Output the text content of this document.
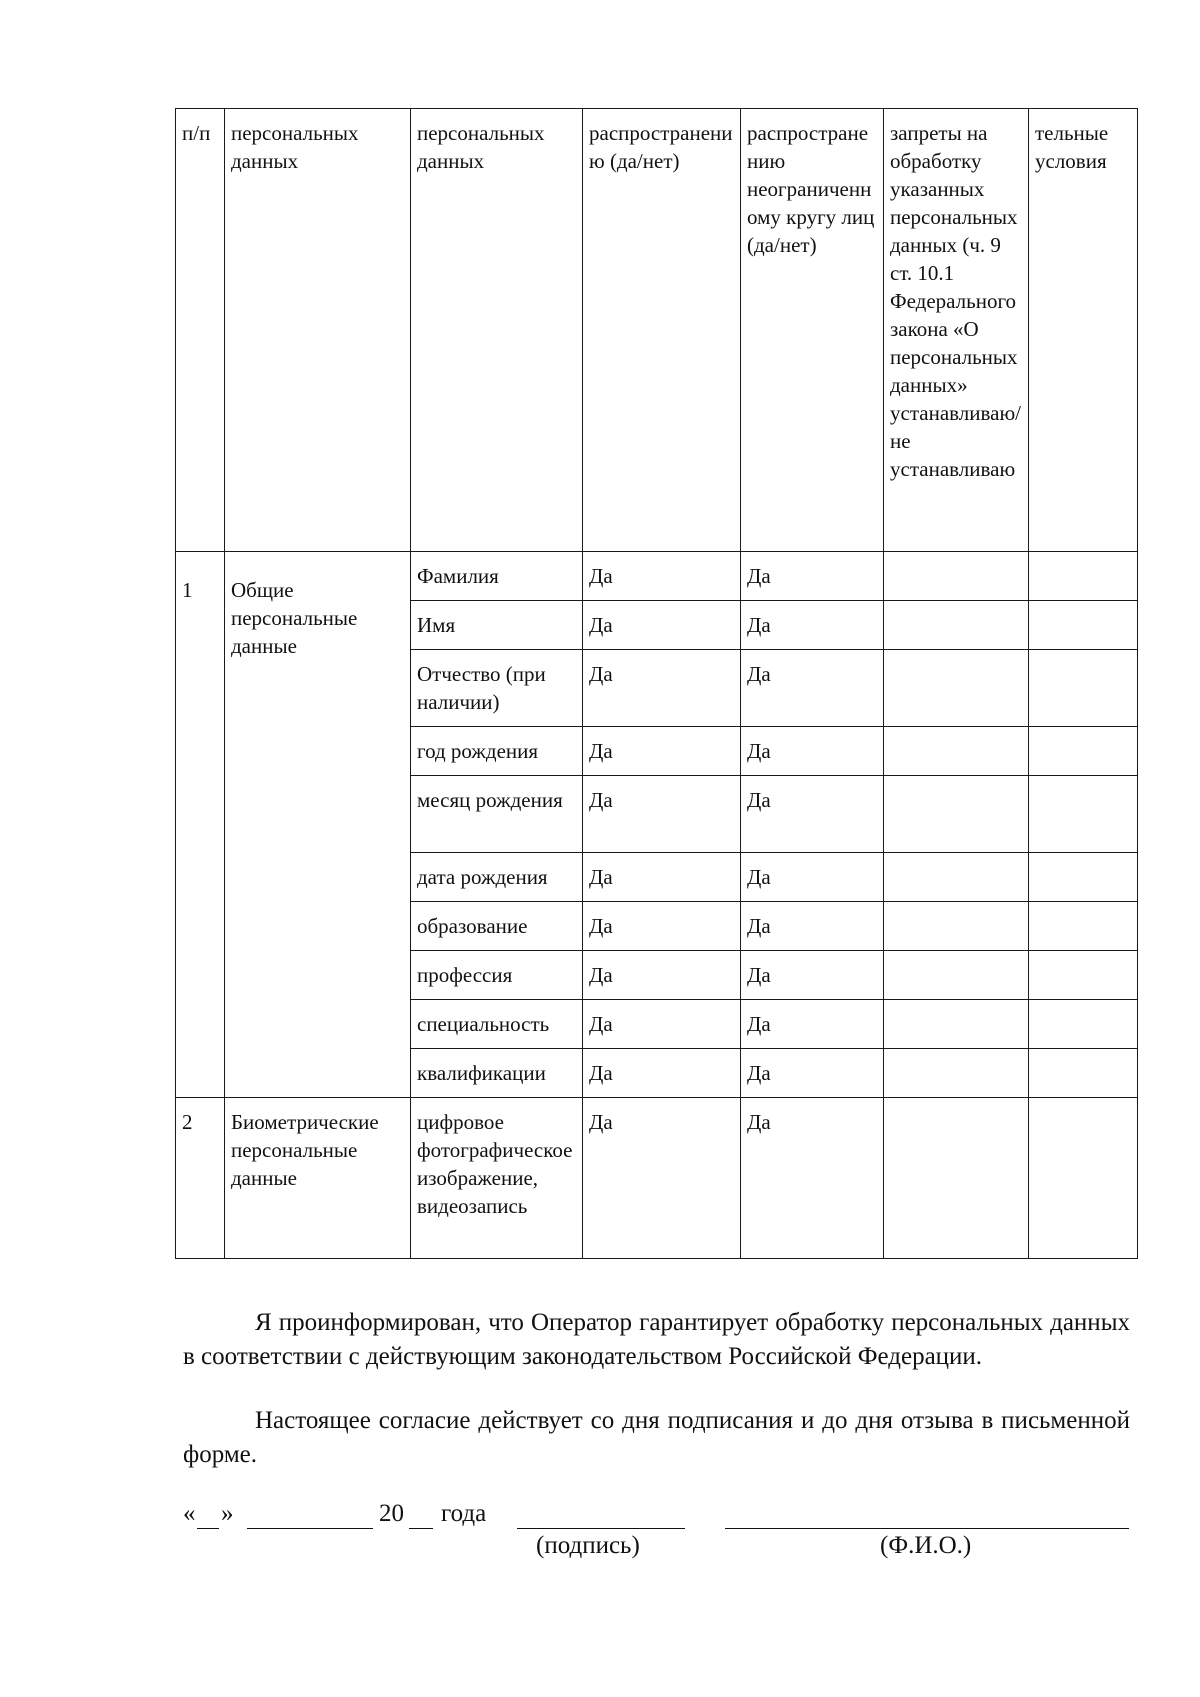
п/п	персональных данных	персональных данных	распространению (да/нет)	распространению неограниченному кругу лиц (да/нет)	запреты на обработку указанных персональных данных (ч. 9 ст. 10.1 Федерального закона «О персональных данных» устанавливаю/не устанавливаю	тельные условия
1	Общие персональные данные	Фамилия	Да	Да		
		Имя	Да	Да		
		Отчество (при наличии)	Да	Да		
		год рождения	Да	Да		
		месяц рождения	Да	Да		
		дата рождения	Да	Да		
		образование	Да	Да		
		профессия	Да	Да		
		специальность	Да	Да		
		квалификации	Да	Да		
2	Биометрические персональные данные	цифровое фотографическое изображение, видеозапись	Да	Да		

Я проинформирован, что Оператор гарантирует обработку персональных данных в соответствии с действующим законодательством Российской Федерации.

Настоящее согласие действует со дня подписания и до дня отзыва в письменной форме.

« »	20 года
(подпись)	(Ф.И.О.)
